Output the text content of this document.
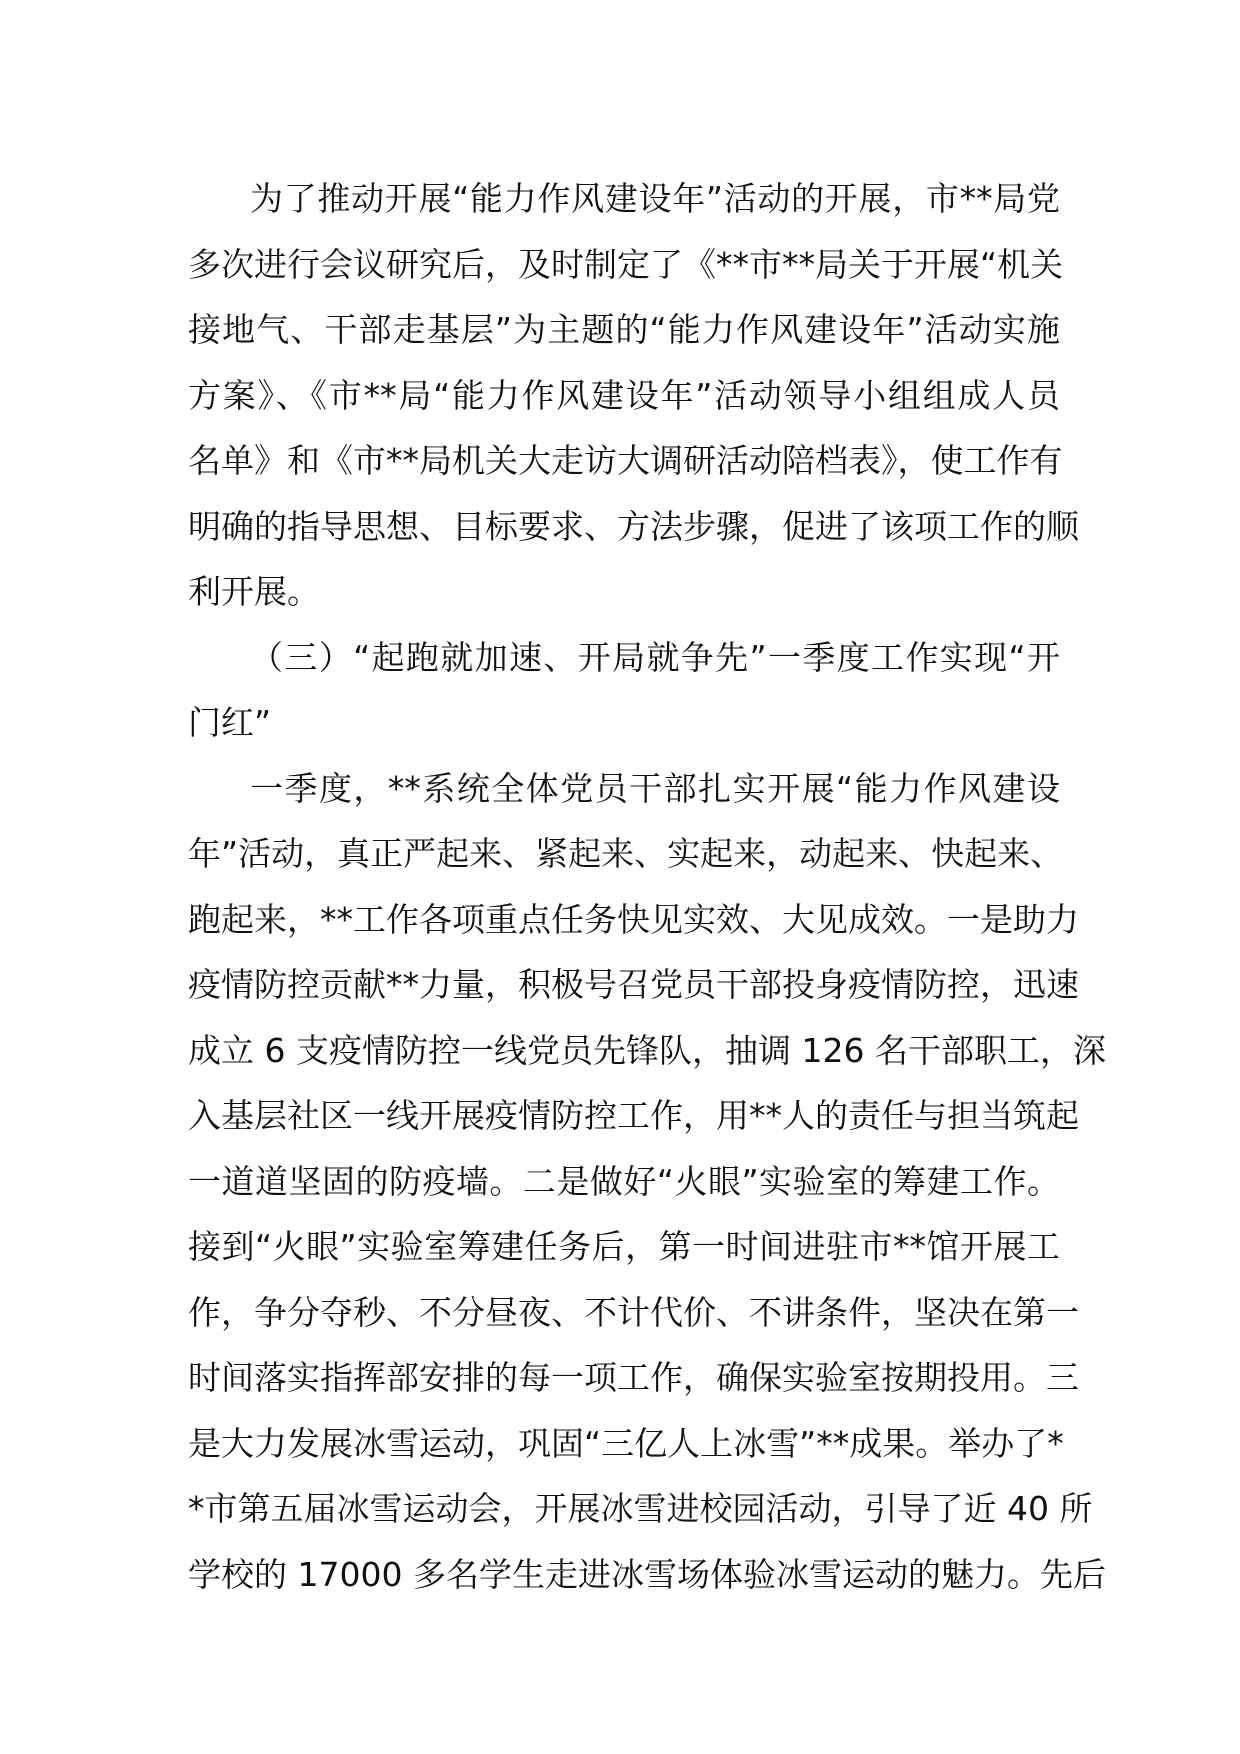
为了推动开展“能力作风建设年”活动的开展，市**局党
多次进行会议研究后，及时制定了《**市**局关于开展“机关
接地气、干部走基层”为主题的“能力作风建设年”活动实施
方案》、《市**局“能力作风建设年”活动领导小组组成人员
名单》和《市**局机关大走访大调研活动陪档表》，使工作有
明确的指导思想、目标要求、方法步骤，促进了该项工作的顺
利开展。
（三）“起跑就加速、开局就争先”一季度工作实现“开
门红”
一季度，**系统全体党员干部扎实开展“能力作风建设
年”活动，真正严起来、紧起来、实起来，动起来、快起来、
跑起来，**工作各项重点任务快见实效、大见成效。一是助力
疫情防控贡献**力量，积极号召党员干部投身疫情防控，迅速
成立 6 支疫情防控一线党员先锋队，抽调 126 名干部职工，深
入基层社区一线开展疫情防控工作，用**人的责任与担当筑起
一道道坚固的防疫墙。二是做好“火眼”实验室的筹建工作。
接到“火眼”实验室筹建任务后，第一时间进驻市**馆开展工
作，争分夺秒、不分昼夜、不计代价、不讲条件，坚决在第一
时间落实指挥部安排的每一项工作，确保实验室按期投用。三
是大力发展冰雪运动，巩固“三亿人上冰雪”**成果。举办了*
*市第五届冰雪运动会，开展冰雪进校园活动，引导了近 40 所
学校的 17000 多名学生走进冰雪场体验冰雪运动的魅力。先后
